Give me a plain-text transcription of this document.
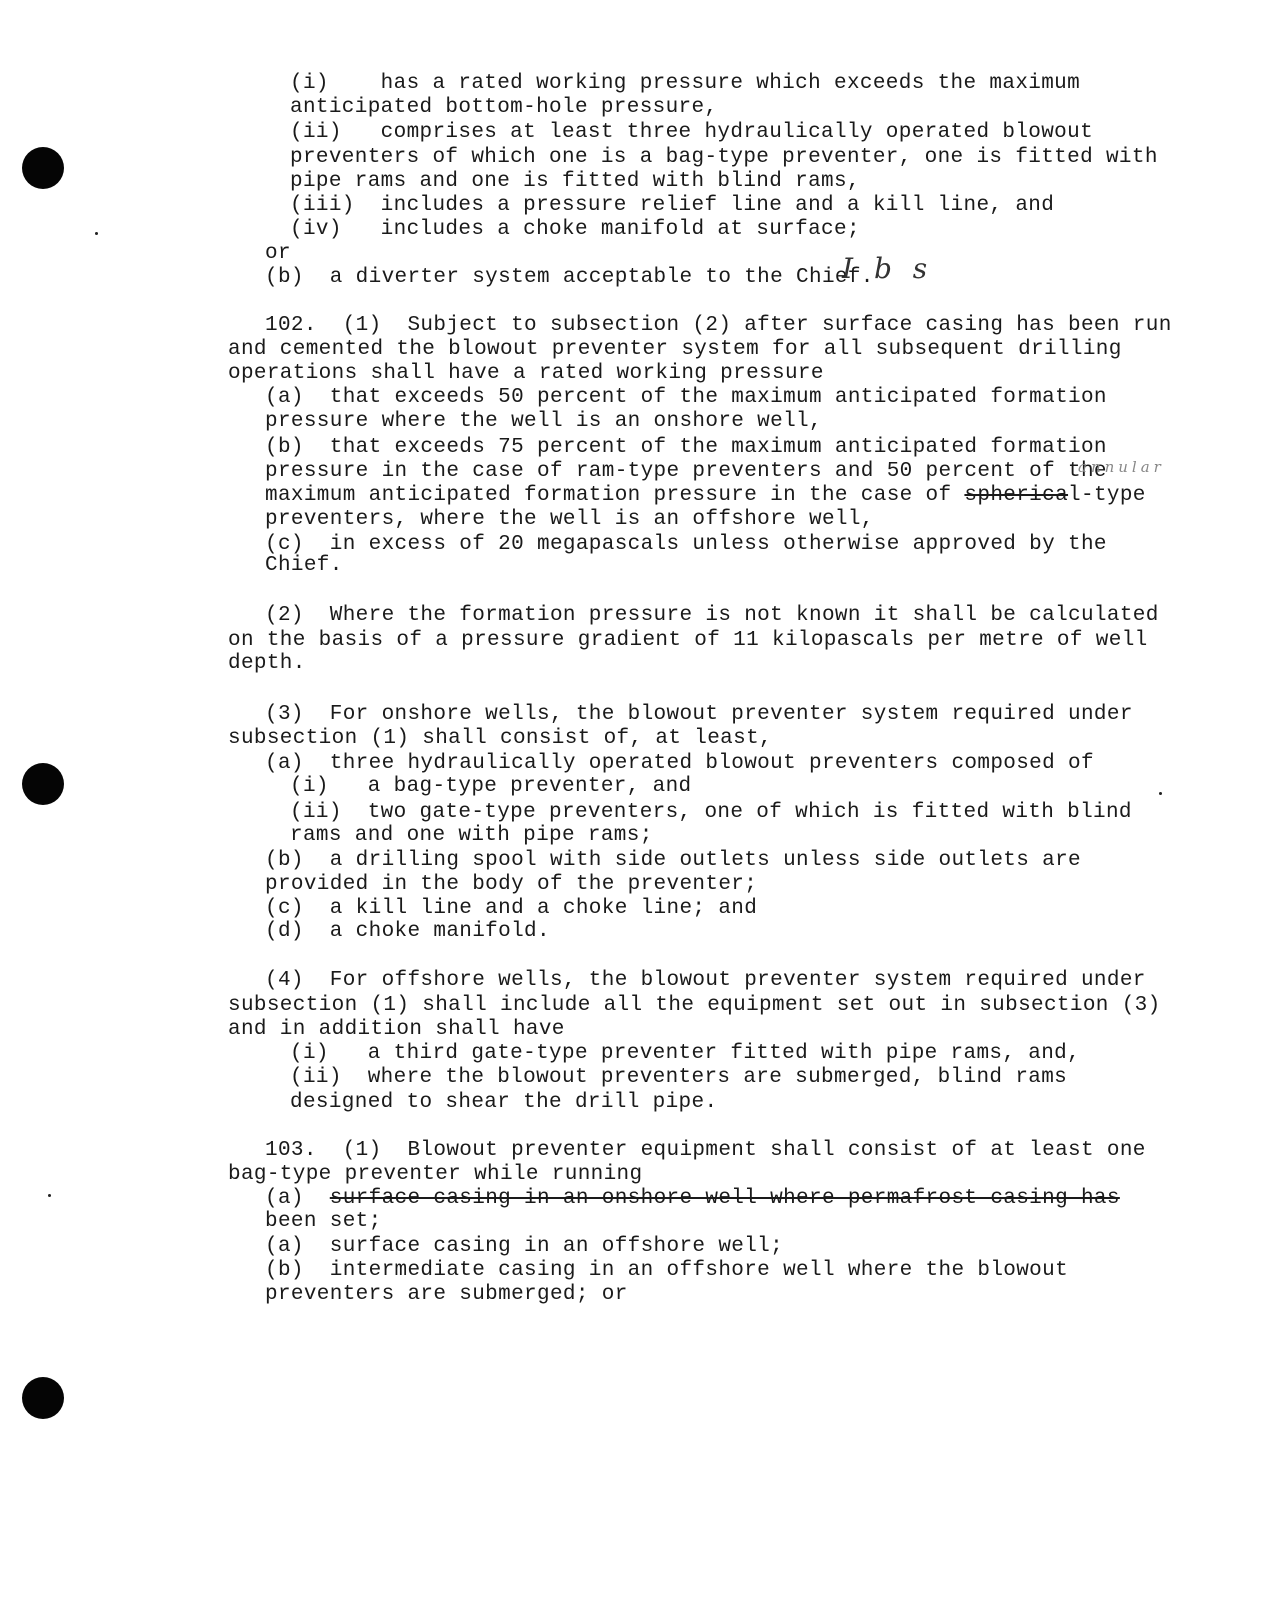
(i)    has a rated working pressure which exceeds the maximum
anticipated bottom-hole pressure,
(ii)   comprises at least three hydraulically operated blowout
preventers of which one is a bag-type preventer, one is fitted with
pipe rams and one is fitted with blind rams,
(iii)  includes a pressure relief line and a kill line, and
(iv)   includes a choke manifold at surface;
or
(b)  a diverter system acceptable to the Chief.
I b s
102.  (1)  Subject to subsection (2) after surface casing has been run
and cemented the blowout preventer system for all subsequent drilling
operations shall have a rated working pressure
(a)  that exceeds 50 percent of the maximum anticipated formation
pressure where the well is an onshore well,
(b)  that exceeds 75 percent of the maximum anticipated formation
pressure in the case of ram-type preventers and 50 percent of the
annular
maximum anticipated formation pressure in the case of spherical-type
preventers, where the well is an offshore well,
(c)  in excess of 20 megapascals unless otherwise approved by the
Chief.
(2)  Where the formation pressure is not known it shall be calculated
on the basis of a pressure gradient of 11 kilopascals per metre of well
depth.
(3)  For onshore wells, the blowout preventer system required under
subsection (1) shall consist of, at least,
(a)  three hydraulically operated blowout preventers composed of
(i)   a bag-type preventer, and
(ii)  two gate-type preventers, one of which is fitted with blind
rams and one with pipe rams;
(b)  a drilling spool with side outlets unless side outlets are
provided in the body of the preventer;
(c)  a kill line and a choke line; and
(d)  a choke manifold.
(4)  For offshore wells, the blowout preventer system required under
subsection (1) shall include all the equipment set out in subsection (3)
and in addition shall have
(i)   a third gate-type preventer fitted with pipe rams, and,
(ii)  where the blowout preventers are submerged, blind rams
designed to shear the drill pipe.
103.  (1)  Blowout preventer equipment shall consist of at least one
bag-type preventer while running
(a)  surface casing in an onshore well where permafrost casing has
been set;
(a)  surface casing in an offshore well;
(b)  intermediate casing in an offshore well where the blowout
preventers are submerged; or
